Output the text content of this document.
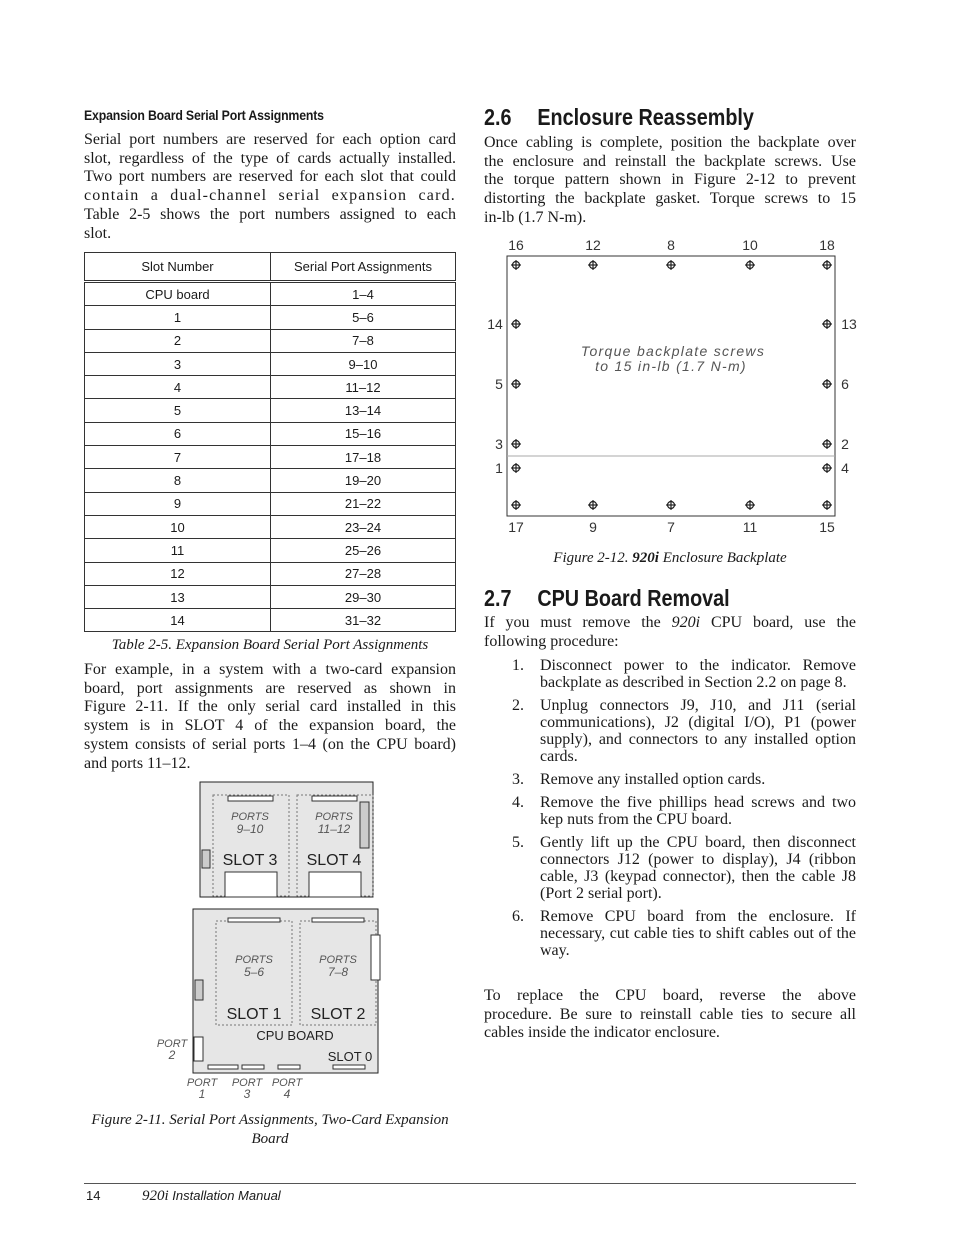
Expansion Board Serial Port Assignments
Serial port numbers are reserved for each option card
slot, regardless of the type of cards actually installed.
Two port numbers are reserved for each slot that could
contain a dual-channel serial expansion card.
Table 2-5 shows the port numbers assigned to each
slot.
Slot Number	Serial Port Assignments
CPU board	1–4
1	5–6
2	7–8
3	9–10
4	11–12
5	13–14
6	15–16
7	17–18
8	19–20
9	21–22
10	23–24
11	25–26
12	27–28
13	29–30
14	31–32
Table 2-5. Expansion Board Serial Port Assignments
For example, in a system with a two-card expansion
board, port assignments are reserved as shown in
Figure 2-11. If the only serial card installed in this
system is in SLOT 4 of the expansion board, the
system consists of serial ports 1–4 (on the CPU board)
and ports 11–12.
PORTS
9–10
PORTS
11–12
SLOT 3 SLOT 4
PORTS
5–6
PORTS
7–8
SLOT 1 SLOT 2
CPU BOARD
SLOT 0
PORT
2
PORT
1
PORT
3
PORT
4
Figure 2-11. Serial Port Assignments, Two-Card Expansion
Board
2.6 Enclosure Reassembly
Once cabling is complete, position the backplate over
the enclosure and reinstall the backplate screws. Use
the torque pattern shown in Figure 2-12 to prevent
distorting the backplate gasket. Torque screws to 15
in-lb (1.7 N-m).
16	12	8	10	18
17	9	7	11	15
14
5
3
1
13
6
2
4
Torque backplate screws
to 15 in-lb (1.7 N-m)
Figure 2-12. 920i Enclosure Backplate
2.7 CPU Board Removal
If you must remove the 920i CPU board, use the
following procedure:
1. Disconnect power to the indicator. Remove backplate as described in Section 2.2 on page 8.
2. Unplug connectors J9, J10, and J11 (serial communications), J2 (digital I/O), P1 (power supply), and connectors to any installed option cards.
3. Remove any installed option cards.
4. Remove the five phillips head screws and two kep nuts from the CPU board.
5. Gently lift up the CPU board, then disconnect connectors J12 (power to display), J4 (ribbon cable, J3 (keypad connector), then the cable J8 (Port 2 serial port).
6. Remove CPU board from the enclosure. If necessary, cut cable ties to shift cables out of the way.
To replace the CPU board, reverse the above
procedure. Be sure to reinstall cable ties to secure all
cables inside the indicator enclosure.
14	920i Installation Manual
